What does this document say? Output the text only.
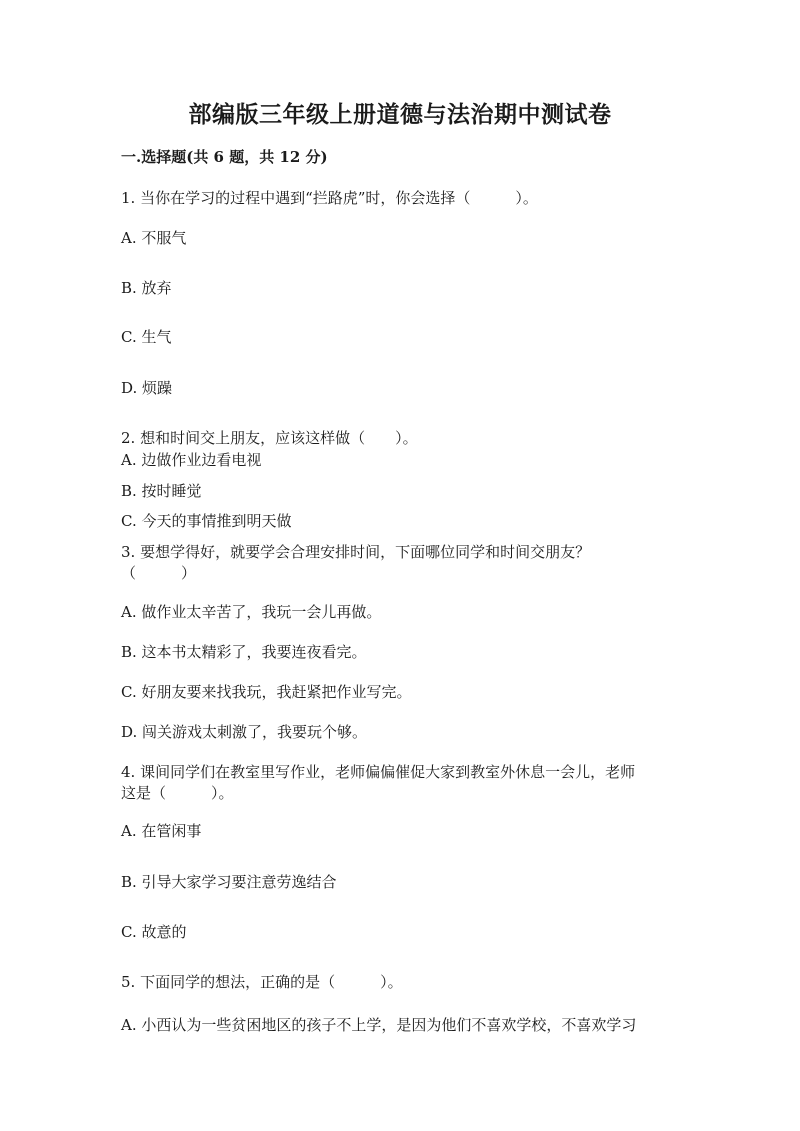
部编版三年级上册道德与法治期中测试卷
一.选择题(共 6 题，共 12 分)
1. 当你在学习的过程中遇到“拦路虎”时，你会选择（　　　）。
A. 不服气
B. 放弃
C. 生气
D. 烦躁
2. 想和时间交上朋友，应该这样做（　　）。
A. 边做作业边看电视
B. 按时睡觉
C. 今天的事情推到明天做
3. 要想学得好，就要学会合理安排时间，下面哪位同学和时间交朋友？
（　　　）
A. 做作业太辛苦了，我玩一会儿再做。
B. 这本书太精彩了，我要连夜看完。
C. 好朋友要来找我玩，我赶紧把作业写完。
D. 闯关游戏太刺激了，我要玩个够。
4. 课间同学们在教室里写作业，老师偏偏催促大家到教室外休息一会儿，老师
这是（　　　）。
A. 在管闲事
B. 引导大家学习要注意劳逸结合
C. 故意的
5. 下面同学的想法，正确的是（　　　）。
A. 小西认为一些贫困地区的孩子不上学，是因为他们不喜欢学校，不喜欢学习
